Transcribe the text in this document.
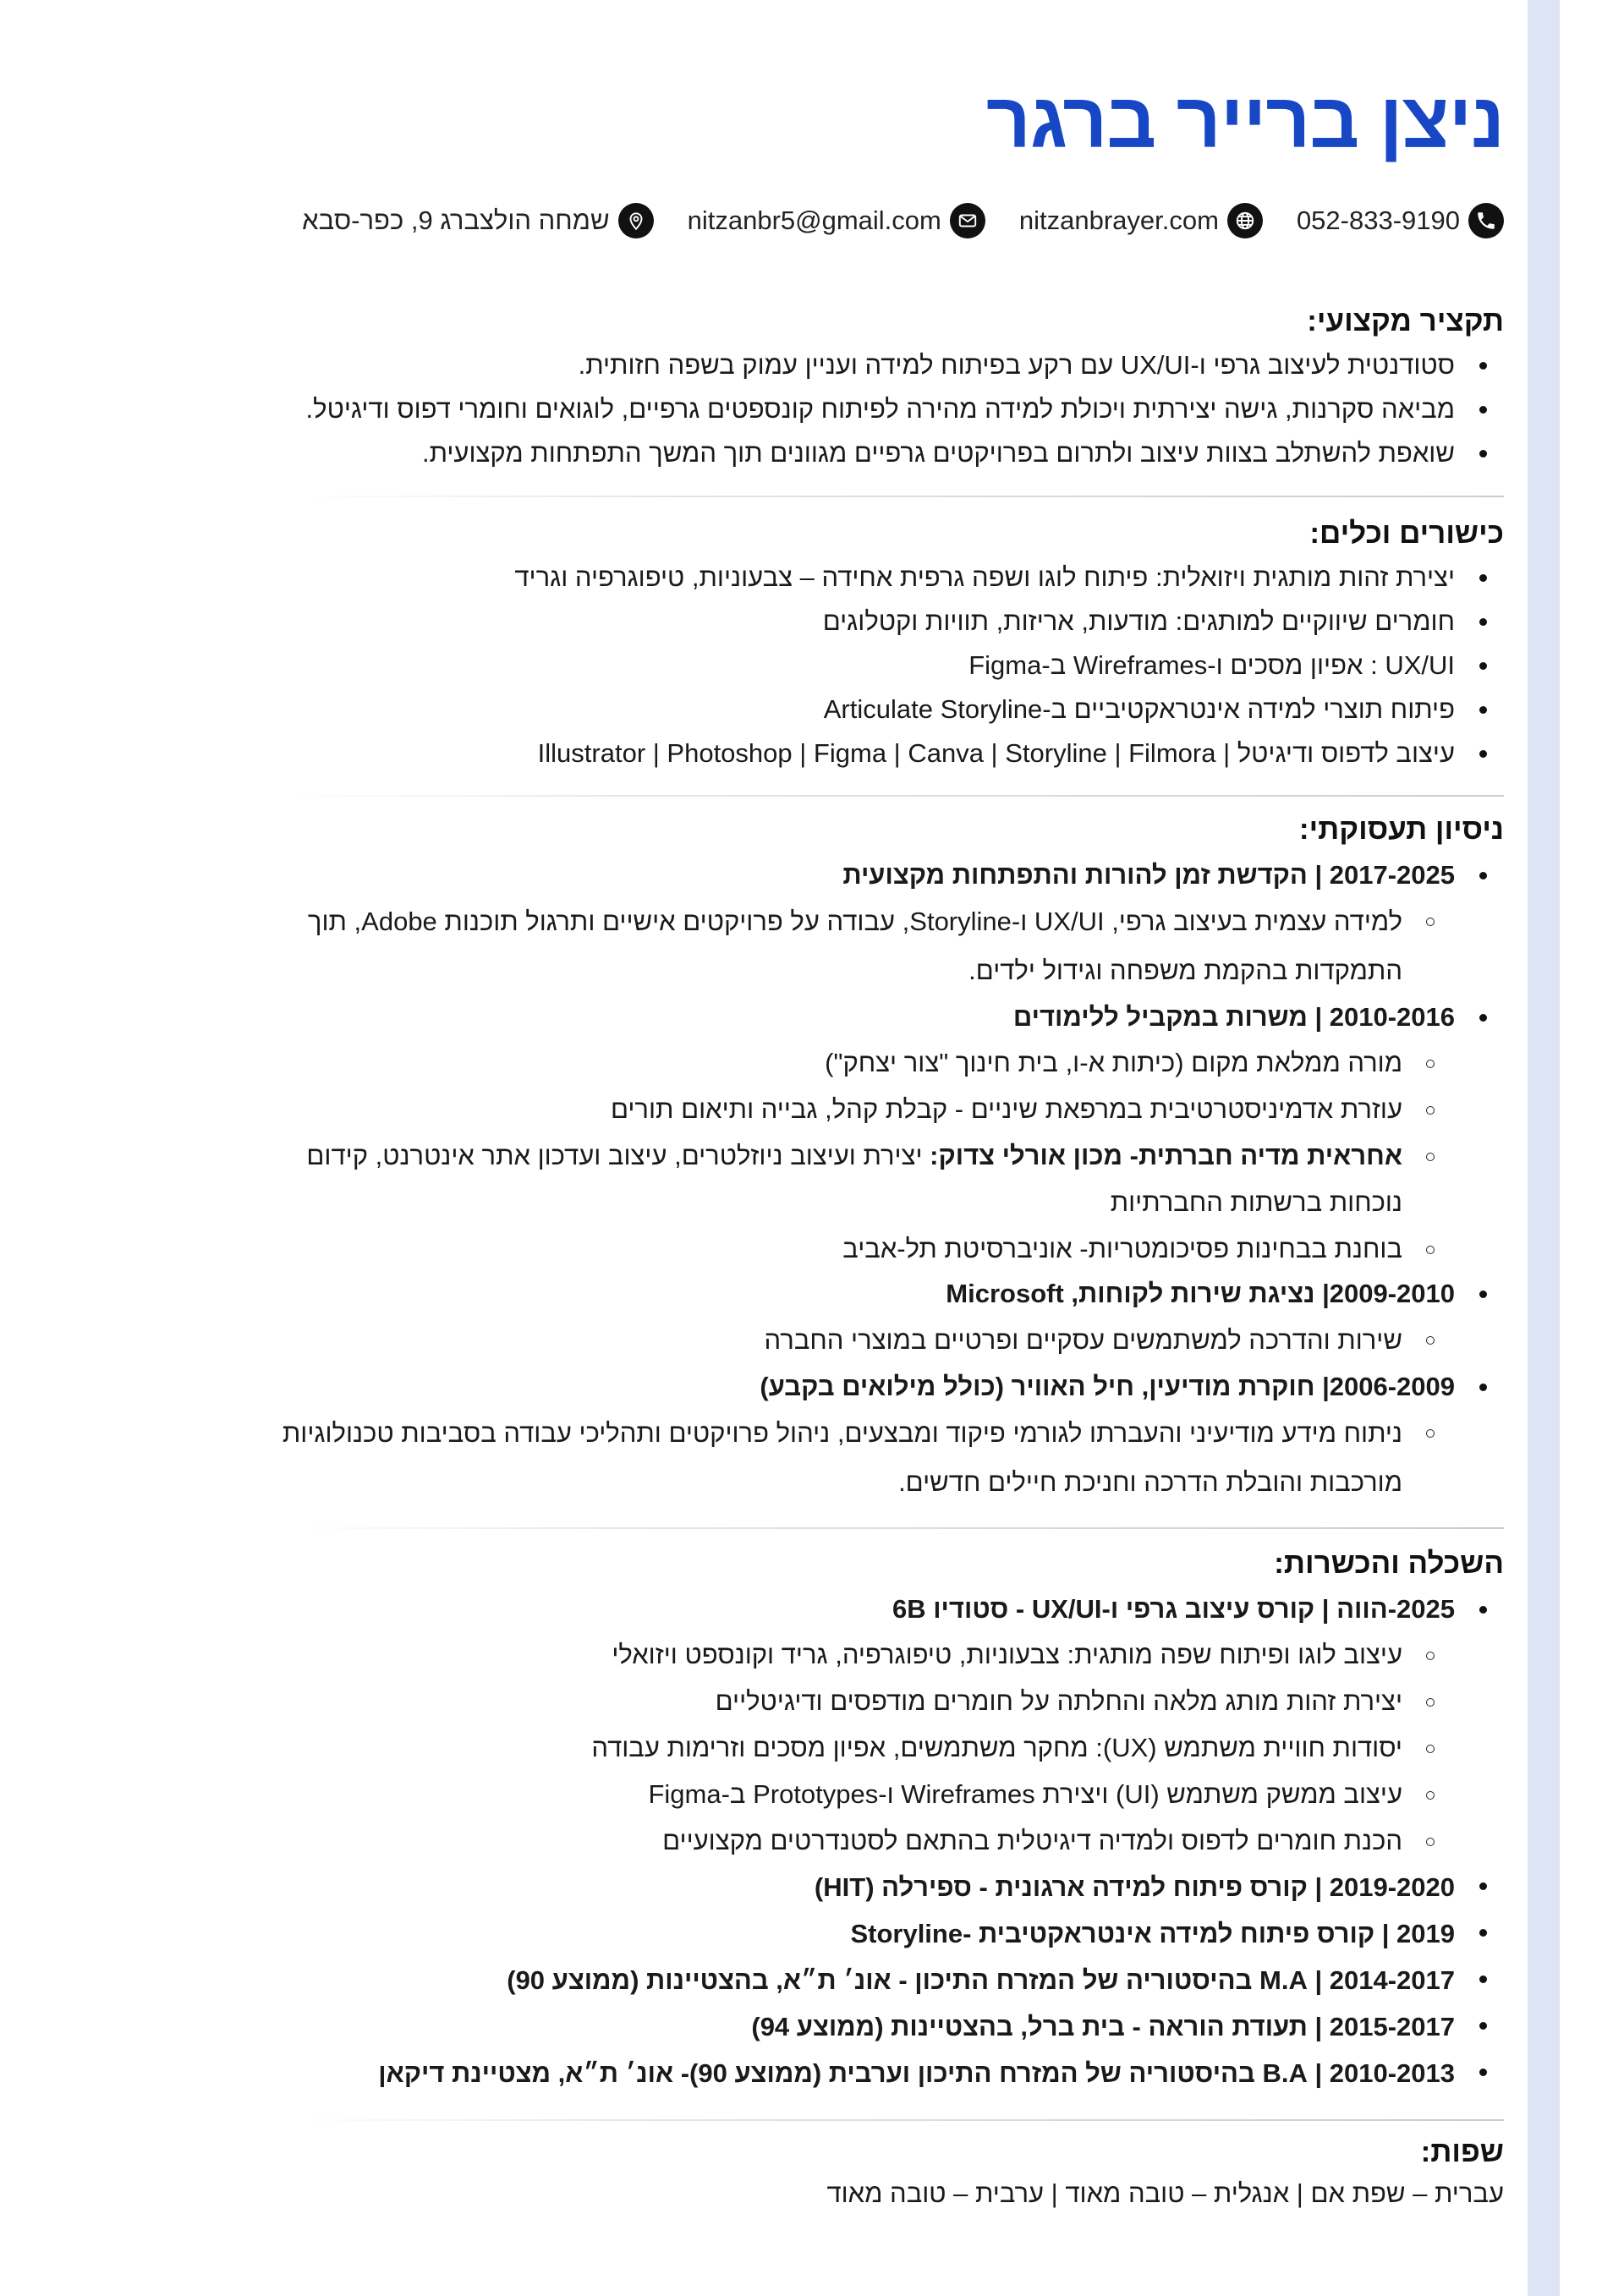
ניצן ברייר ברגר
052-833-9190
nitzanbrayer.com
nitzanbr5@gmail.com
שמחה הולצברג 9, כפר-סבא
תקציר מקצועי:
סטודנטית לעיצוב גרפי ו-UX/UI עם רקע בפיתוח למידה ועניין עמוק בשפה חזותית.
מביאה סקרנות, גישה יצירתית ויכולת למידה מהירה לפיתוח קונספטים גרפיים, לוגואים וחומרי דפוס ודיגיטל.
שואפת להשתלב בצוות עיצוב ולתרום בפרויקטים גרפיים מגוונים תוך המשך התפתחות מקצועית.
כישורים וכלים:
יצירת זהות מותגית ויזואלית: פיתוח לוגו ושפה גרפית אחידה – צבעוניות, טיפוגרפיה וגריד
חומרים שיווקיים למותגים: מודעות, אריזות, תוויות וקטלוגים
UX/UI : אפיון מסכים ו-Wireframes ב-Figma
פיתוח תוצרי למידה אינטראקטיביים ב-Articulate Storyline
עיצוב לדפוס ודיגיטל | Illustrator | Photoshop | Figma | Canva | Storyline | Filmora
ניסיון תעסוקתי:
2017-2025 | הקדשת זמן להורות והתפתחות מקצועית
למידה עצמית בעיצוב גרפי, UX/UI ו-Storyline, עבודה על פרויקטים אישיים ותרגול תוכנות Adobe, תוך התמקדות בהקמת משפחה וגידול ילדים.
2010-2016 | משרות במקביל ללימודים
מורה ממלאת מקום (כיתות א-ו, בית חינוך "צור יצחק")
עוזרת אדמיניסטרטיבית במרפאת שיניים - קבלת קהל, גבייה ותיאום תורים
אחראית מדיה חברתית- מכון אורלי צדוק: יצירת ועיצוב ניוזלטרים, עיצוב ועדכון אתר אינטרנט, קידום נוכחות ברשתות החברתיות
בוחנת בבחינות פסיכומטריות- אוניברסיטת תל-אביב
2009-2010| נציגת שירות לקוחות, Microsoft
שירות והדרכה למשתמשים עסקיים ופרטיים במוצרי החברה
2006-2009| חוקרת מודיעין, חיל האוויר (כולל מילואים בקבע)
ניתוח מידע מודיעיני והעברתו לגורמי פיקוד ומבצעים, ניהול פרויקטים ותהליכי עבודה בסביבות טכנולוגיות מורכבות והובלת הדרכה וחניכת חיילים חדשים.
השכלה והכשרות:
2025-הווה | קורס עיצוב גרפי ו-UX/UI - סטודיו 6B
עיצוב לוגו ופיתוח שפה מותגית: צבעוניות, טיפוגרפיה, גריד וקונספט ויזואלי
יצירת זהות מותג מלאה והחלתה על חומרים מודפסים ודיגיטליים
יסודות חוויית משתמש (UX): מחקר משתמשים, אפיון מסכים וזרימות עבודה
עיצוב ממשק משתמש (UI) ויצירת Wireframes ו-Prototypes ב-Figma
הכנת חומרים לדפוס ולמדיה דיגיטלית בהתאם לסטנדרטים מקצועיים
2019-2020 | קורס פיתוח למידה ארגונית - ספירלה (HIT)
2019 | קורס פיתוח למידה אינטראקטיבית -Storyline
2014-2017 | M.A בהיסטוריה של המזרח התיכון - אונ׳ ת״א, בהצטיינות (ממוצע 90)
2015-2017 | תעודת הוראה - בית ברל, בהצטיינות (ממוצע 94)
2010-2013 | B.A בהיסטוריה של המזרח התיכון וערבית (ממוצע 90)- אונ׳ ת״א, מצטיינת דיקאן
שפות:

עברית – שפת אם | אנגלית – טובה מאוד | ערבית – טובה מאוד
